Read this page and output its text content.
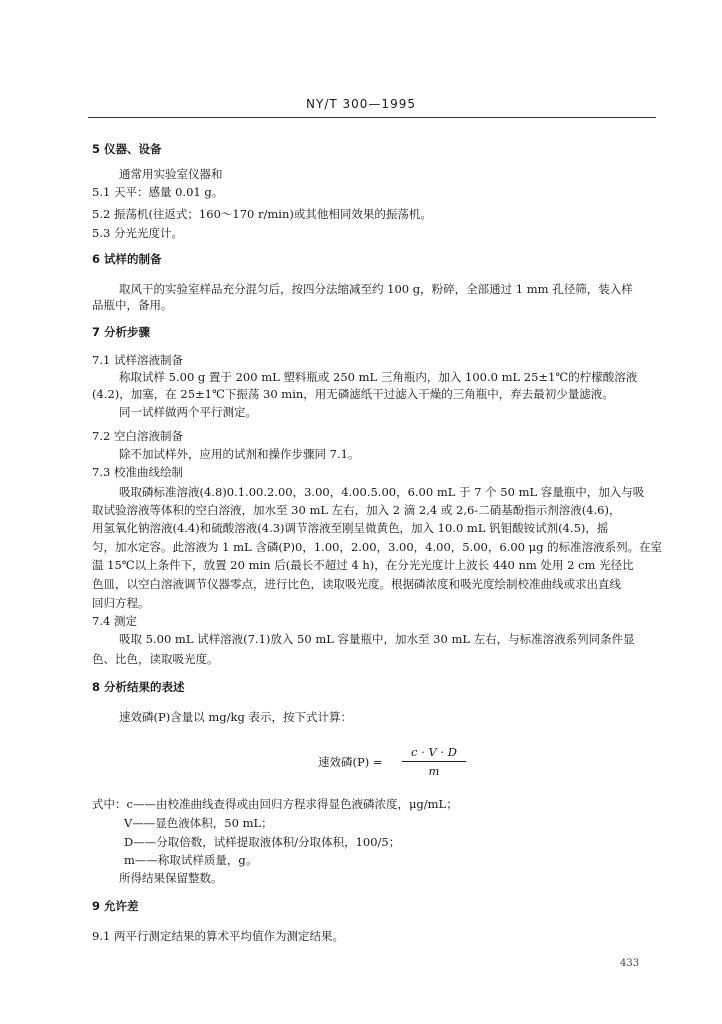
NY/T 300—1995
5 仪器、设备
通常用实验室仪器和
5.1 天平：感量 0.01 g。
5.2 振荡机(往返式；160～170 r/min)或其他相同效果的振荡机。
5.3 分光光度计。
6 试样的制备
取风干的实验室样品充分混匀后，按四分法缩减至约 100 g，粉碎，全部通过 1 mm 孔径筛，装入样
品瓶中，备用。
7 分析步骤
7.1 试样溶液制备
称取试样 5.00 g 置于 200 mL 塑料瓶或 250 mL 三角瓶内，加入 100.0 mL 25±1℃的柠檬酸溶液
(4.2)，加塞，在 25±1℃下振荡 30 min，用无磷滤纸干过滤入干燥的三角瓶中，弃去最初少量滤液。
同一试样做两个平行测定。
7.2 空白溶液制备
除不加试样外，应用的试剂和操作步骤同 7.1。
7.3 校准曲线绘制
吸取磷标准溶液(4.8)0.1.00.2.00，3.00，4.00.5.00，6.00 mL 于 7 个 50 mL 容量瓶中，加入与吸
取试验溶液等体积的空白溶液，加水至 30 mL 左右，加入 2 滴 2,4 或 2,6-二硝基酚指示剂溶液(4.6)，
用氢氧化钠溶液(4.4)和硫酸溶液(4.3)调节溶液至刚呈微黄色，加入 10.0 mL 钒钼酸铵试剂(4.5)，摇
匀，加水定容。此溶液为 1 mL 含磷(P)0，1.00，2.00，3.00，4.00，5.00，6.00 μg 的标准溶液系列。在室
温 15℃以上条件下，放置 20 min 后(最长不超过 4 h)，在分光光度计上波长 440 nm 处用 2 cm 光径比
色皿，以空白溶液调节仪器零点，进行比色，读取吸光度。根据磷浓度和吸光度绘制校准曲线或求出直线
回归方程。
7.4 测定
吸取 5.00 mL 试样溶液(7.1)放入 50 mL 容量瓶中，加水至 30 mL 左右，与标准溶液系列同条件显
色、比色，读取吸光度。
8 分析结果的表述
速效磷(P)含量以 mg/kg 表示，按下式计算：
速效磷(P) =
c · V · D
m
式中：c——由校准曲线查得或由回归方程求得显色液磷浓度，μg/mL；
V——显色液体积，50 mL；
D——分取倍数，试样提取液体积/分取体积，100/5；
m——称取试样质量，g。
所得结果保留整数。
9 允许差
9.1 两平行测定结果的算术平均值作为测定结果。
433
